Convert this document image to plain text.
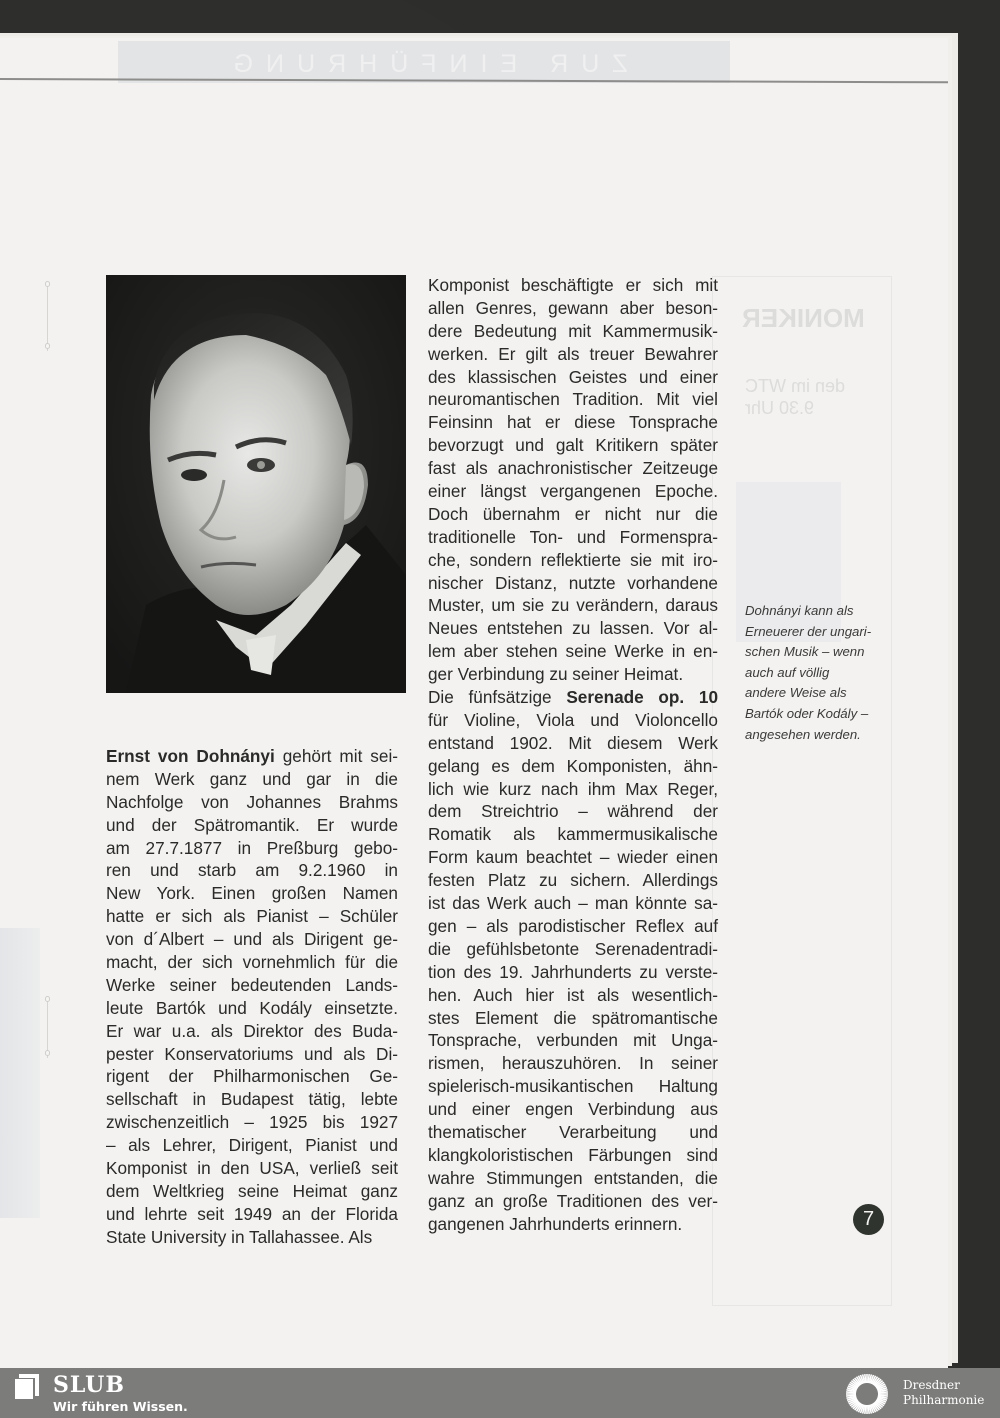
ZUR EINFÜHRUNG
MONIKER
den im WTC
9.30 Uhr
Ernst von Dohnányi gehört mit sei-
nem Werk ganz und gar in die
Nachfolge von Johannes Brahms
und der Spätromantik. Er wurde
am 27.7.1877 in Preßburg gebo-
ren und starb am 9.2.1960 in
New York. Einen großen Namen
hatte er sich als Pianist – Schüler
von d´Albert – und als Dirigent ge-
macht, der sich vornehmlich für die
Werke seiner bedeutenden Lands-
leute Bartók und Kodály einsetzte.
Er war u.a. als Direktor des Buda-
pester Konservatoriums und als Di-
rigent der Philharmonischen Ge-
sellschaft in Budapest tätig, lebte
zwischenzeitlich – 1925 bis 1927
– als Lehrer, Dirigent, Pianist und
Komponist in den USA, verließ seit
dem Weltkrieg seine Heimat ganz
und lehrte seit 1949 an der Florida
State University in Tallahassee. Als
Komponist beschäftigte er sich mit
allen Genres, gewann aber beson-
dere Bedeutung mit Kammermusik-
werken. Er gilt als treuer Bewahrer
des klassischen Geistes und einer
neuromantischen Tradition. Mit viel
Feinsinn hat er diese Tonsprache
bevorzugt und galt Kritikern später
fast als anachronistischer Zeitzeuge
einer längst vergangenen Epoche.
Doch übernahm er nicht nur die
traditionelle Ton- und Formenspra-
che, sondern reflektierte sie mit iro-
nischer Distanz, nutzte vorhandene
Muster, um sie zu verändern, daraus
Neues entstehen zu lassen. Vor al-
lem aber stehen seine Werke in en-
ger Verbindung zu seiner Heimat.
Die fünfsätzige Serenade op. 10
für Violine, Viola und Violoncello
entstand 1902. Mit diesem Werk
gelang es dem Komponisten, ähn-
lich wie kurz nach ihm Max Reger,
dem Streichtrio – während der
Romatik als kammermusikalische
Form kaum beachtet – wieder einen
festen Platz zu sichern. Allerdings
ist das Werk auch – man könnte sa-
gen – als parodistischer Reflex auf
die gefühlsbetonte Serenadentradi-
tion des 19. Jahrhunderts zu verste-
hen. Auch hier ist als wesentlich-
stes Element die spätromantische
Tonsprache, verbunden mit Unga-
rismen, herauszuhören. In seiner
spielerisch-musikantischen Haltung
und einer engen Verbindung aus
thematischer Verarbeitung und
klangkoloristischen Färbungen sind
wahre Stimmungen entstanden, die
ganz an große Traditionen des ver-
gangenen Jahrhunderts erinnern.
Dohnányi kann als
Erneuerer der ungari-
schen Musik – wenn
auch auf völlig
andere Weise als
Bartók oder Kodály –
angesehen werden.
7
SLUB
Wir führen Wissen.
Dresdner
Philharmonie
